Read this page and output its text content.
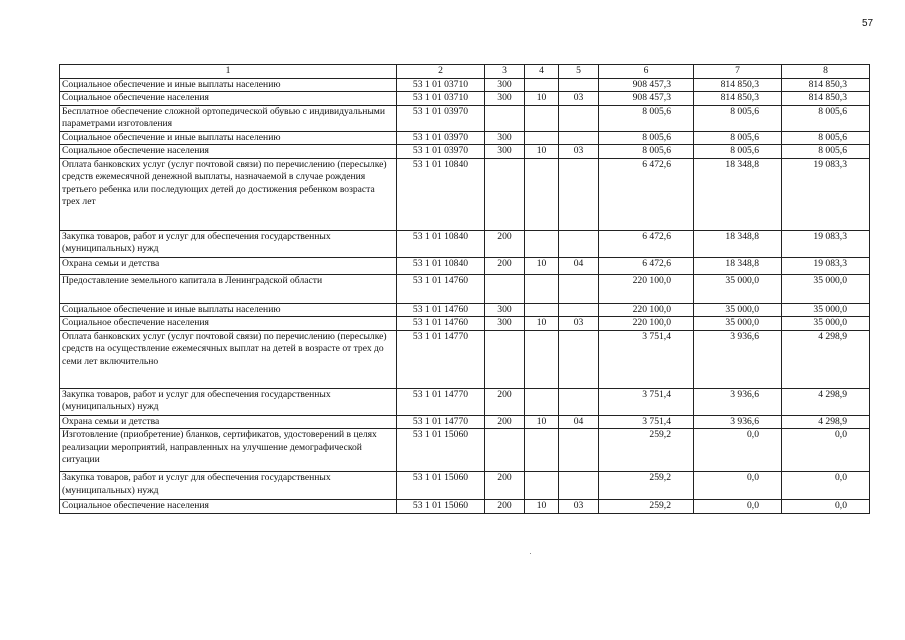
57
1	2	3	4	5	6	7	8
Социальное обеспечение и иные выплаты населению	53 1 01 03710	300			908 457,3	814 850,3	814 850,3
Социальное обеспечение населения	53 1 01 03710	300	10	03	908 457,3	814 850,3	814 850,3
Бесплатное обеспечение сложной ортопедической обувью с индивидуальными параметрами изготовления	53 1 01 03970				8 005,6	8 005,6	8 005,6
Социальное обеспечение и иные выплаты населению	53 1 01 03970	300			8 005,6	8 005,6	8 005,6
Социальное обеспечение населения	53 1 01 03970	300	10	03	8 005,6	8 005,6	8 005,6
Оплата банковских услуг (услуг почтовой связи) по перечислению (пересылке) средств ежемесячной денежной выплаты, назначаемой в случае рождения третьего ребенка или последующих детей до достижения ребенком возраста трех лет	53 1 01 10840				6 472,6	18 348,8	19 083,3
Закупка товаров, работ и услуг для обеспечения государственных (муниципальных) нужд	53 1 01 10840	200			6 472,6	18 348,8	19 083,3
Охрана семьи и детства	53 1 01 10840	200	10	04	6 472,6	18 348,8	19 083,3
Предоставление земельного капитала в Ленинградской области	53 1 01 14760				220 100,0	35 000,0	35 000,0
Социальное обеспечение и иные выплаты населению	53 1 01 14760	300			220 100,0	35 000,0	35 000,0
Социальное обеспечение населения	53 1 01 14760	300	10	03	220 100,0	35 000,0	35 000,0
Оплата банковских услуг (услуг почтовой связи) по перечислению (пересылке) средств на осуществление ежемесячных выплат на детей в возрасте от трех до семи лет включительно	53 1 01 14770				3 751,4	3 936,6	4 298,9
Закупка товаров, работ и услуг для обеспечения государственных (муниципальных) нужд	53 1 01 14770	200			3 751,4	3 936,6	4 298,9
Охрана семьи и детства	53 1 01 14770	200	10	04	3 751,4	3 936,6	4 298,9
Изготовление (приобретение) бланков, сертификатов, удостоверений в целях реализации мероприятий, направленных на улучшение демографической ситуации	53 1 01 15060				259,2	0,0	0,0
Закупка товаров, работ и услуг для обеспечения государственных (муниципальных) нужд	53 1 01 15060	200			259,2	0,0	0,0
Социальное обеспечение населения	53 1 01 15060	200	10	03	259,2	0,0	0,0
